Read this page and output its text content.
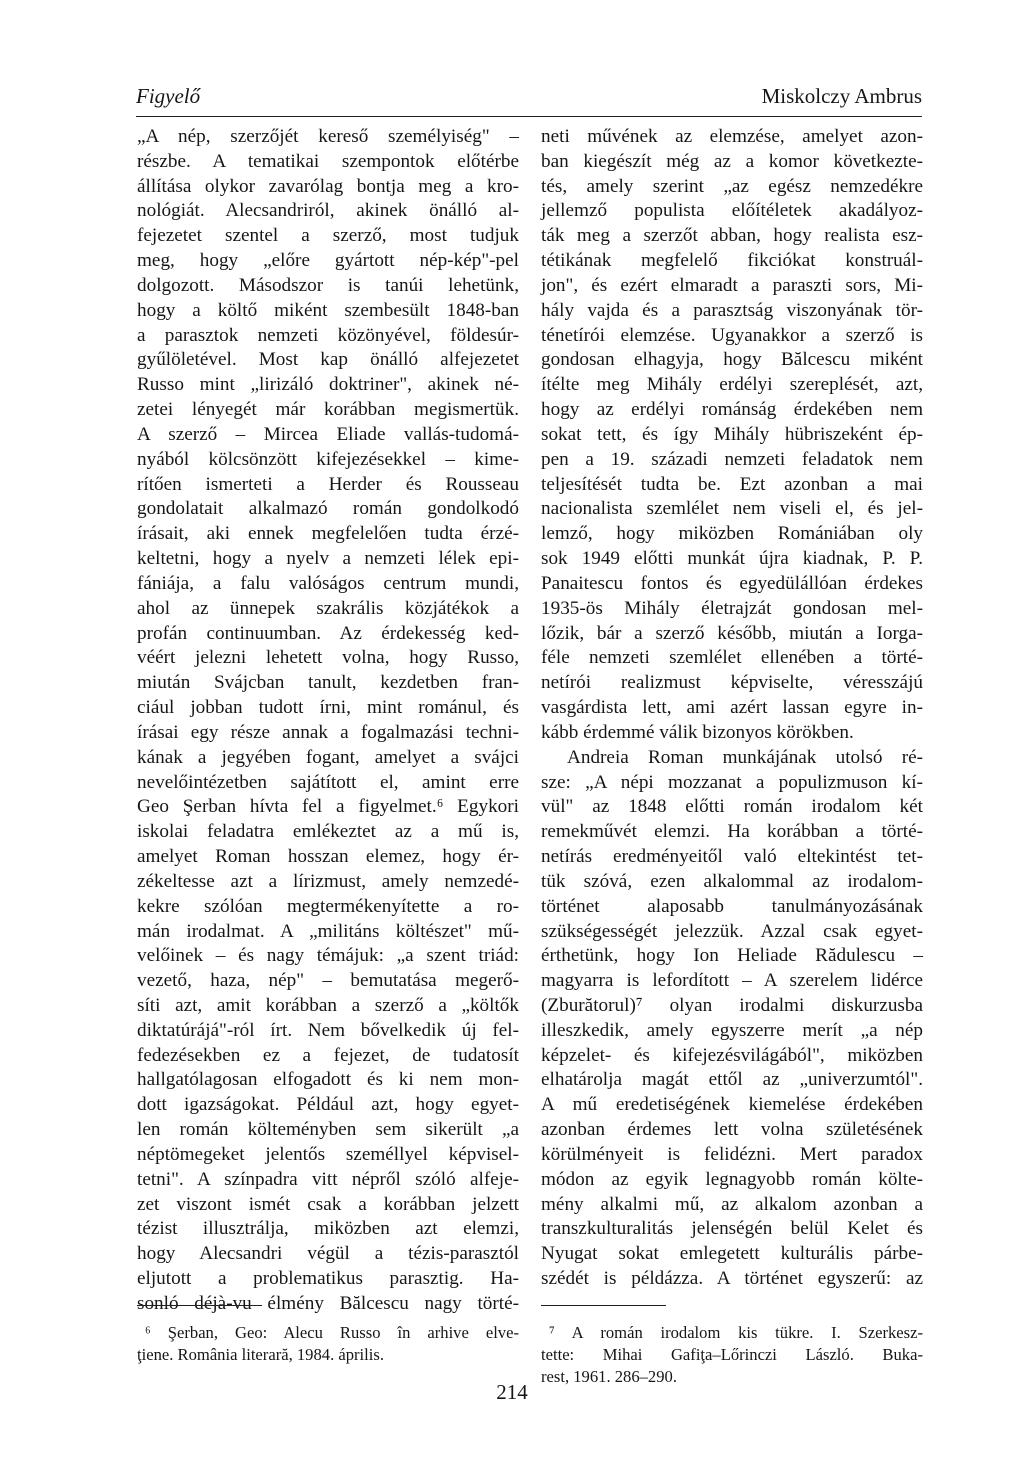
Figyelő	Miskolczy Ambrus
„A nép, szerzőjét kereső személyiség" –
részbe. A tematikai szempontok előtérbe
állítása olykor zavarólag bontja meg a kro-
nológiát. Alecsandriról, akinek önálló al-
fejezetet szentel a szerző, most tudjuk
meg, hogy „előre gyártott nép-kép"-pel
dolgozott. Másodszor is tanúi lehetünk,
hogy a költő miként szembesült 1848-ban
a parasztok nemzeti közönyével, földesúr-
gyűlöletével. Most kap önálló alfejezetet
Russo mint „lirizáló doktriner", akinek né-
zetei lényegét már korábban megismertük.
A szerző – Mircea Eliade vallás-tudomá-
nyából kölcsönzött kifejezésekkel – kime-
rítően ismerteti a Herder és Rousseau
gondolatait alkalmazó román gondolkodó
írásait, aki ennek megfelelően tudta érzé-
keltetni, hogy a nyelv a nemzeti lélek epi-
fániája, a falu valóságos centrum mundi,
ahol az ünnepek szakrális közjátékok a
profán continuumban. Az érdekesség ked-
véért jelezni lehetett volna, hogy Russo,
miután Svájcban tanult, kezdetben fran-
ciául jobban tudott írni, mint románul, és
írásai egy része annak a fogalmazási techni-
kának a jegyében fogant, amelyet a svájci
nevelőintézetben sajátított el, amint erre
Geo Şerban hívta fel a figyelmet.⁶ Egykori
iskolai feladatra emlékeztet az a mű is,
amelyet Roman hosszan elemez, hogy ér-
zékeltesse azt a lírizmust, amely nemzedé-
kekre szólóan megtermékenyítette a ro-
mán irodalmat. A „militáns költészet" mű-
velőinek – és nagy témájuk: „a szent triád:
vezető, haza, nép" – bemutatása megerő-
síti azt, amit korábban a szerző a „költők
diktatúrájá"-ról írt. Nem bővelkedik új fel-
fedezésekben ez a fejezet, de tudatosít
hallgatólagosan elfogadott és ki nem mon-
dott igazságokat. Például azt, hogy egyet-
len román költeményben sem sikerült „a
néptömegeket jelentős személlyel képvisel-
tetni". A színpadra vitt népről szóló alfeje-
zet viszont ismét csak a korábban jelzett
tézist illusztrálja, miközben azt elemzi,
hogy Alecsandri végül a tézis-parasztól
eljutott a problematikus parasztig. Ha-
sonló déjà-vu élmény Bălcescu nagy törté-
neti művének az elemzése, amelyet azon-
ban kiegészít még az a komor következte-
tés, amely szerint „az egész nemzedékre
jellemző populista előítéletek akadályoz-
ták meg a szerzőt abban, hogy realista esz-
tétikának megfelelő fikciókat konstruál-
jon", és ezért elmaradt a paraszti sors, Mi-
hály vajda és a parasztság viszonyának tör-
ténetírói elemzése. Ugyanakkor a szerző is
gondosan elhagyja, hogy Bălcescu miként
ítélte meg Mihály erdélyi szereplését, azt,
hogy az erdélyi románság érdekében nem
sokat tett, és így Mihály hübriszeként ép-
pen a 19. századi nemzeti feladatok nem
teljesítését tudta be. Ezt azonban a mai
nacionalista szemlélet nem viseli el, és jel-
lemző, hogy miközben Romániában oly
sok 1949 előtti munkát újra kiadnak, P. P.
Panaitescu fontos és egyedülállóan érdekes
1935-ös Mihály életrajzát gondosan mel-
lőzik, bár a szerző később, miután a Iorga-
féle nemzeti szemlélet ellenében a törté-
netírói realizmust képviselte, véresszájú
vasgárdista lett, ami azért lassan egyre in-
kább érdemmé válik bizonyos körökben.
Andreia Roman munkájának utolsó ré-
sze: „A népi mozzanat a populizmuson kí-
vül" az 1848 előtti román irodalom két
remekművét elemzi. Ha korábban a törté-
netírás eredményeitől való eltekintést tet-
tük szóvá, ezen alkalommal az irodalom-
történet alaposabb tanulmányozásának
szükségességét jelezzük. Azzal csak egyet-
érthetünk, hogy Ion Heliade Rădulescu –
magyarra is lefordított – A szerelem lidérce
(Zburătorul)⁷ olyan irodalmi diskurzusba
illeszkedik, amely egyszerre merít „a nép
képzelet- és kifejezésvilágából", miközben
elhatárolja magát ettől az „univerzumtól".
A mű eredetiségének kiemelése érdekében
azonban érdemes lett volna születésének
körülményeit is felidézni. Mert paradox
módon az egyik legnagyobb román költe-
mény alkalmi mű, az alkalom azonban a
transzkulturalitás jelenségén belül Kelet és
Nyugat sokat emlegetett kulturális párbe-
szédét is példázza. A történet egyszerű: az
⁶ Şerban, Geo: Alecu Russo în arhive elve-
ţiene. România literară, 1984. április.
⁷ A román irodalom kis tükre. I. Szerkesz-
tette: Mihai Gafiţa–Lőrinczi László. Buka-
rest, 1961. 286–290.
214
